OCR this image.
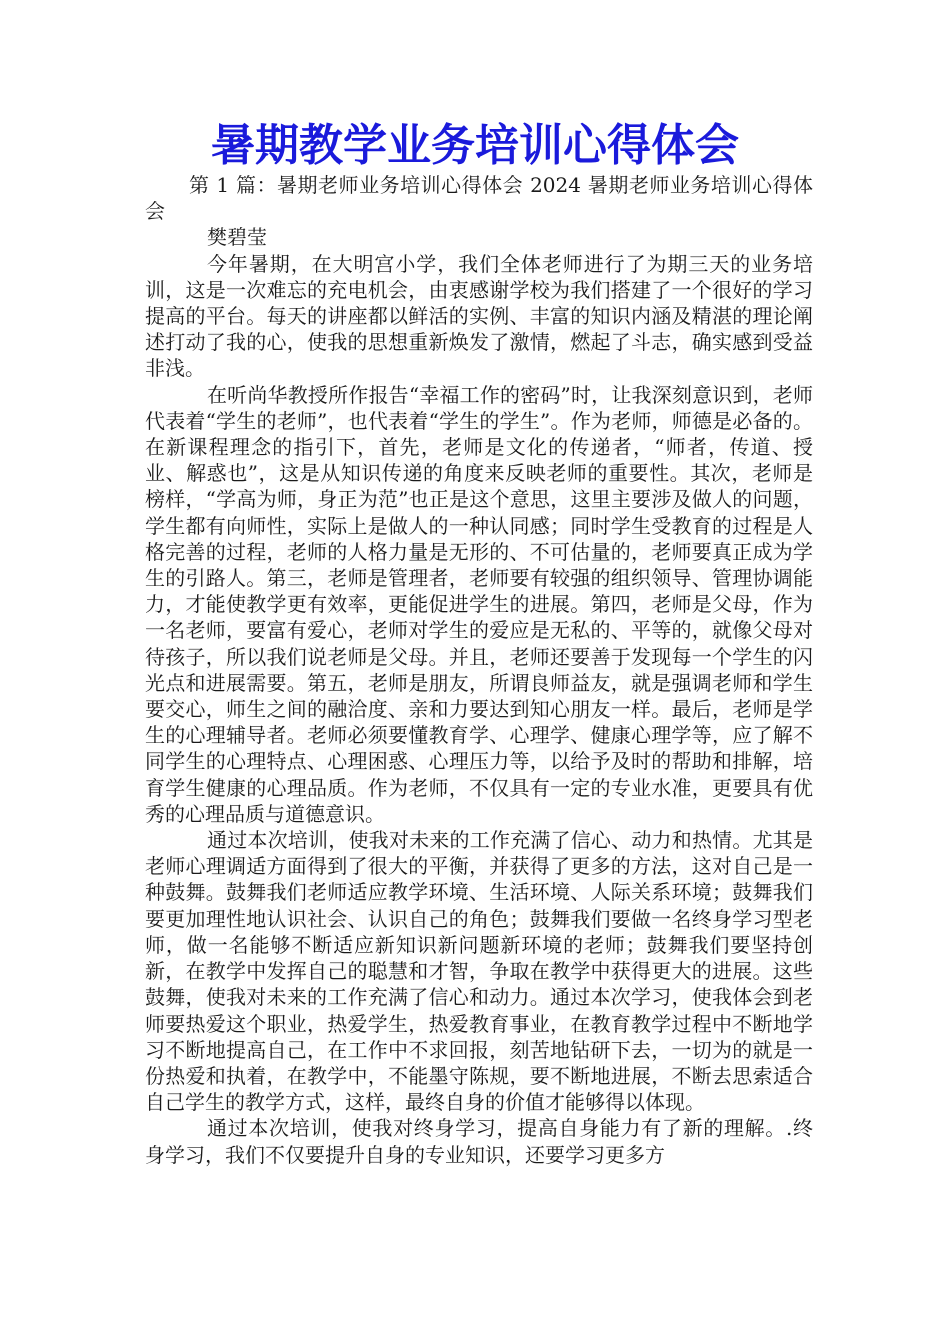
暑期教学业务培训心得体会

第 1 篇：暑期老师业务培训心得体会 2024 暑期老师业务培训心得体会

樊碧莹

今年暑期，在大明宫小学，我们全体老师进行了为期三天的业务培训，这是一次难忘的充电机会，由衷感谢学校为我们搭建了一个很好的学习提高的平台。每天的讲座都以鲜活的实例、丰富的知识内涵及精湛的理论阐述打动了我的心，使我的思想重新焕发了激情，燃起了斗志，确实感到受益非浅。

在听尚华教授所作报告“幸福工作的密码”时，让我深刻意识到，老师代表着“学生的老师”，也代表着“学生的学生”。作为老师，师德是必备的。在新课程理念的指引下，首先，老师是文化的传递者，“师者，传道、授业、解惑也”，这是从知识传递的角度来反映老师的重要性。其次，老师是榜样，“学高为师，身正为范”也正是这个意思，这里主要涉及做人的问题，学生都有向师性，实际上是做人的一种认同感；同时学生受教育的过程是人格完善的过程，老师的人格力量是无形的、不可估量的，老师要真正成为学生的引路人。第三，老师是管理者，老师要有较强的组织领导、管理协调能力，才能使教学更有效率，更能促进学生的进展。第四，老师是父母，作为一名老师，要富有爱心，老师对学生的爱应是无私的、平等的，就像父母对待孩子，所以我们说老师是父母。并且，老师还要善于发现每一个学生的闪光点和进展需要。第五，老师是朋友，所谓良师益友，就是强调老师和学生要交心，师生之间的融洽度、亲和力要达到知心朋友一样。最后，老师是学生的心理辅导者。老师必须要懂教育学、心理学、健康心理学等，应了解不同学生的心理特点、心理困惑、心理压力等，以给予及时的帮助和排解，培育学生健康的心理品质。作为老师，不仅具有一定的专业水准，更要具有优秀的心理品质与道德意识。

通过本次培训，使我对未来的工作充满了信心、动力和热情。尤其是老师心理调适方面得到了很大的平衡，并获得了更多的方法，这对自己是一种鼓舞。鼓舞我们老师适应教学环境、生活环境、人际关系环境；鼓舞我们要更加理性地认识社会、认识自己的角色；鼓舞我们要做一名终身学习型老师，做一名能够不断适应新知识新问题新环境的老师；鼓舞我们要坚持创新，在教学中发挥自己的聪慧和才智，争取在教学中获得更大的进展。这些鼓舞，使我对未来的工作充满了信心和动力。通过本次学习，使我体会到老师要热爱这个职业，热爱学生，热爱教育事业，在教育教学过程中不断地学习不断地提高自己，在工作中不求回报，刻苦地钻研下去，一切为的就是一份热爱和执着，在教学中，不能墨守陈规，要不断地进展，不断去思索适合自己学生的教学方式，这样，最终自身的价值才能够得以体现。

通过本次培训，使我对终身学习，提高自身能力有了新的理解。.终身学习，我们不仅要提升自身的专业知识，还要学习更多方
